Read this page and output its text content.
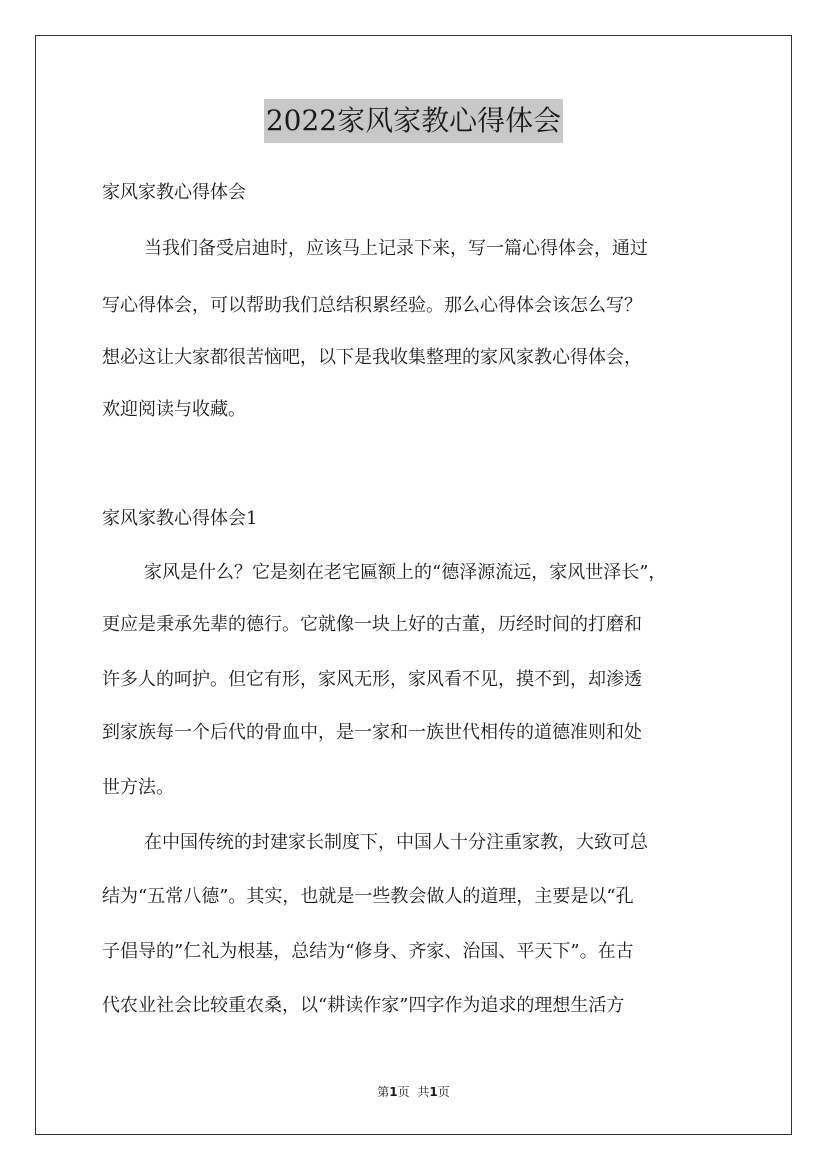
2022家风家教心得体会
家风家教心得体会
当我们备受启迪时，应该马上记录下来，写一篇心得体会，通过
写心得体会，可以帮助我们总结积累经验。那么心得体会该怎么写？
想必这让大家都很苦恼吧，以下是我收集整理的家风家教心得体会，
欢迎阅读与收藏。
家风家教心得体会1
家风是什么？它是刻在老宅匾额上的“德泽源流远，家风世泽长”，
更应是秉承先辈的德行。它就像一块上好的古董，历经时间的打磨和
许多人的呵护。但它有形，家风无形，家风看不见，摸不到，却渗透
到家族每一个后代的骨血中，是一家和一族世代相传的道德准则和处
世方法。
在中国传统的封建家长制度下，中国人十分注重家教，大致可总
结为“五常八德”。其实，也就是一些教会做人的道理，主要是以“孔
子倡导的”仁礼为根基，总结为“修身、齐家、治国、平天下”。在古
代农业社会比较重农桑，以“耕读作家”四字作为追求的理想生活方
第1页 共1页
